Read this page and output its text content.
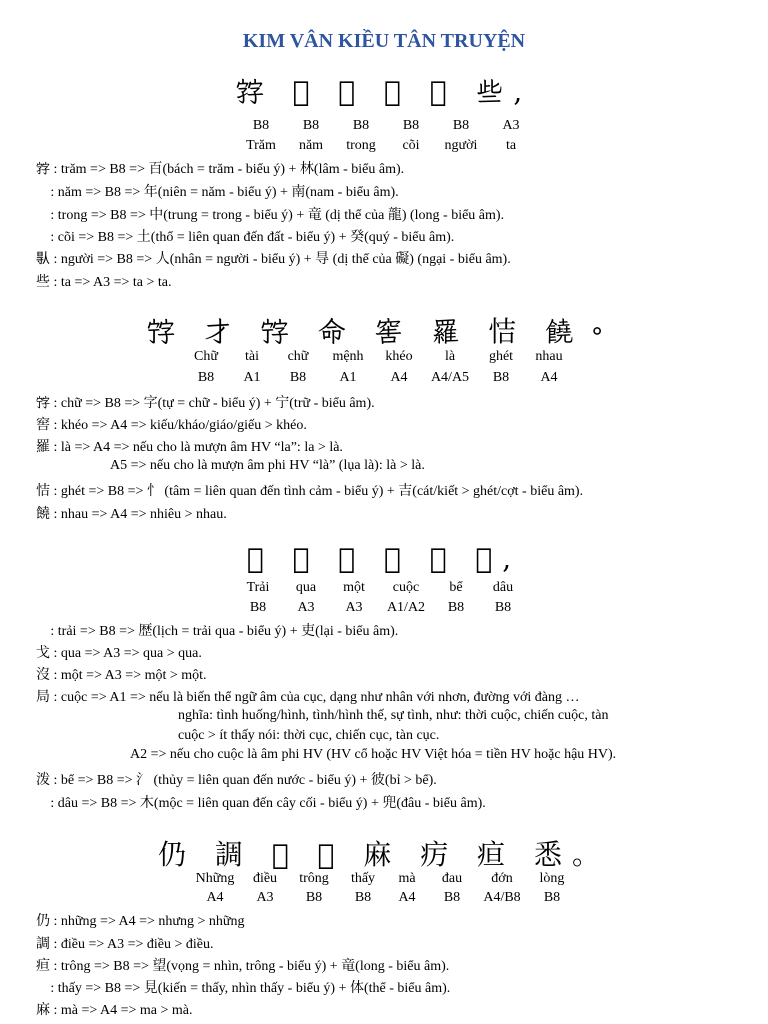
KIM VÂN KIỀU TÂN TRUYỆN
𡦂 𢆥 𥪝 𡐙 𠊛 些,
B8	B8	B8	B8	B8	A3
Trăm	năm	trong	cõi	người	ta
𡦂 : trăm => B8 => 百(bách = trăm - biểu ý) + 林(lâm - biểu âm).
𢆥 : năm => B8 => 年(niên = năm - biểu ý) + 南(nam - biểu âm).
𥪝 : trong => B8 => 中(trung = trong - biểu ý) + 竜 (dị thể của 龍) (long - biểu âm).
𡐙 : cõi => B8 => 土(thổ = liên quan đến đất - biểu ý) + 癸(quý - biểu âm).
𠊛 : người => B8 => 人(nhân = người - biểu ý) + 㝵 (dị thể của 礙) (ngại - biểu âm).
些 : ta => A3 => ta > ta.
𡨸 才 𡨸 命 窖 羅 恄 饒。
Chữ	tài	chữ	mệnh	khéo	là	ghét	nhau
B8	A1	B8	A1	A4	A4/A5	B8	A4
𡨸 : chữ => B8 => 字(tự = chữ - biểu ý) + 宁(trữ - biểu âm).
窖 : khéo => A4 => kiếu/kháo/giáo/giếu > khéo.
羅 : là => A4 => nếu cho là mượn âm HV “la”: la > là.
A5 => nếu cho là mượn âm phi HV “là” (lụa là): là > là.
恄 : ghét => B8 => 忄 (tâm = liên quan đến tình cảm - biểu ý) + 吉(cát/kiết > ghét/cợt - biểu âm).
饒 : nhau => A4 => nhiêu > nhau.
𣦆 戈 沒 局 泼 𣗖,
Trải	qua	một	cuộc	bể	dâu
B8	A3	A3	A1/A2	B8	B8
𣦆 : trải => B8 => 歴(lịch = trải qua - biểu ý) + 吏(lại - biểu âm).
戈 : qua => A3 => qua > qua.
沒 : một => A3 => một > một.
局 : cuộc => A1 => nếu là biến thể ngữ âm của cục, dạng như nhân với nhơn, đường với đàng …
nghĩa: tình huống/hình, tình/hình thế, sự tình, như: thời cuộc, chiến cuộc, tàn
cuộc > ít thấy nói: thời cục, chiến cục, tàn cục.
A2 => nếu cho cuộc là âm phi HV (HV cổ hoặc HV Việt hóa = tiền HV hoặc hậu HV).
泼 : bể => B8 => 氵 (thủy = liên quan đến nước - biểu ý) + 彼(bỉ > bể).
𣗖 : dâu => B8 => 木(mộc = liên quan đến cây cối - biểu ý) + 兜(đâu - biểu âm).
仍 調 𥉩 𧡊 麻 疠 疸 悉。
Những	điều	trông	thấy	mà	đau	đớn	lòng
A4	A3	B8	B8	A4	B8	A4/B8	B8
仍 : những => A4 => nhưng > những
調 : điều => A3 => điều > điều.
疸 : trông => B8 => 望(vọng = nhìn, trông - biểu ý) + 竜(long - biểu âm).
𧡊 : thấy => B8 => 見(kiến = thấy, nhìn thấy - biểu ý) + 体(thể - biểu âm).
麻 : mà => A4 => ma > mà.
